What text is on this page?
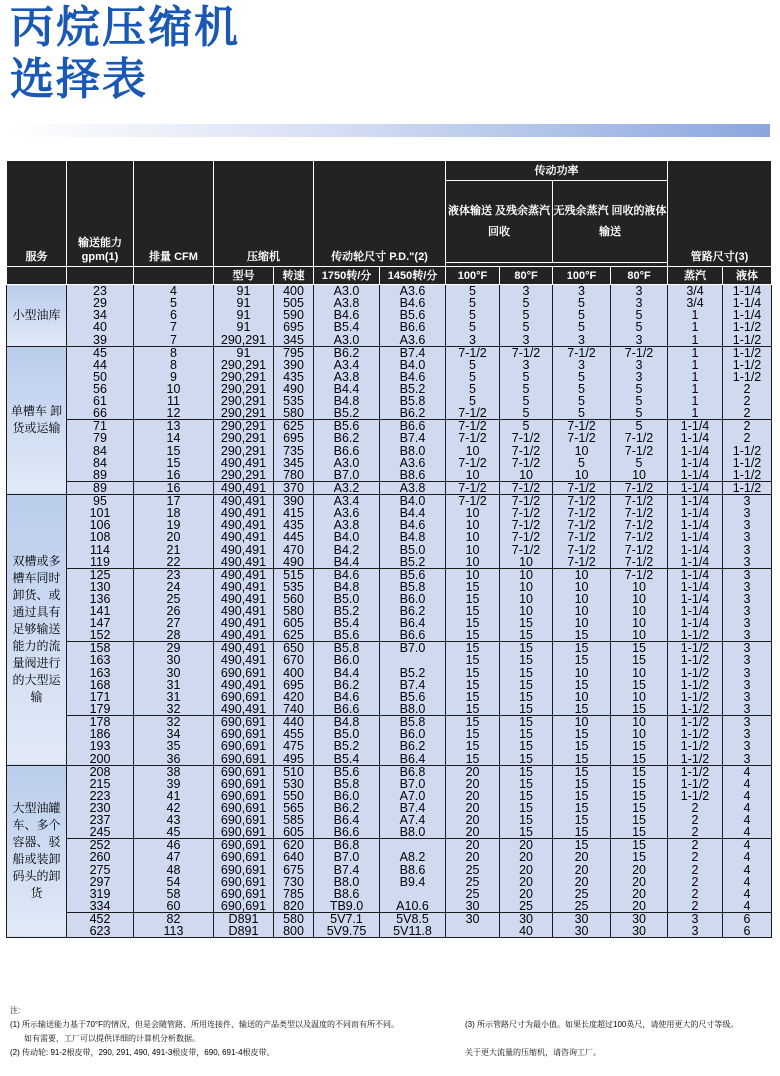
丙烷压缩机
选择表
服务	输送能力 gpm(1)	排量 CFM	压缩机		传动轮尺寸 P.D."(2)		传动功率				管路尺寸(3)	
							液体输送 及残余蒸汽 回收		无残余蒸汽 回收的液体 输送			

			型号	转速	1750转/分	1450转/分	100°F	80°F	100°F	80°F	蒸汽	液体
小型油库	23	4	91	400	A3.0	A3.6	5	3	3	3	3/4	1-1/4
	29	5	91	505	A3.8	B4.6	5	5	5	3	3/4	1-1/4
	34	6	91	590	B4.6	B5.6	5	5	5	5	1	1-1/4
	40	7	91	695	B5.4	B6.6	5	5	5	5	1	1-1/2
	39	7	290,291	345	A3.0	A3.6	3	3	3	3	1	1-1/2
单槽车 卸货或运输	45	8	91	795	B6.2	B7.4	7-1/2	7-1/2	7-1/2	7-1/2	1	1-1/2
	44	8	290,291	390	A3.4	B4.0	5	3	3	3	1	1-1/2
	50	9	290,291	435	A3.8	B4.6	5	5	5	3	1	1-1/2
	56	10	290,291	490	B4.4	B5.2	5	5	5	5	1	2
	61	11	290,291	535	B4.8	B5.8	5	5	5	5	1	2
	66	12	290,291	580	B5.2	B6.2	7-1/2	5	5	5	1	2
	71	13	290,291	625	B5.6	B6.6	7-1/2	5	7-1/2	5	1-1/4	2
	79	14	290,291	695	B6.2	B7.4	7-1/2	7-1/2	7-1/2	7-1/2	1-1/4	2
	84	15	290,291	735	B6.6	B8.0	10	7-1/2	10	7-1/2	1-1/4	1-1/2
	84	15	490,491	345	A3.0	A3.6	7-1/2	7-1/2	5	5	1-1/4	1-1/2
	89	16	290,291	780	B7.0	B8.6	10	10	10	10	1-1/4	1-1/2
	89	16	490,491	370	A3.2	A3.8	7-1/2	7-1/2	7-1/2	7-1/2	1-1/4	1-1/2
双槽或多槽车同时卸货、或通过具有足够输送能力的流量阀进行的大型运输	95	17	490,491	390	A3.4	B4.0	7-1/2	7-1/2	7-1/2	7-1/2	1-1/4	3
	101	18	490,491	415	A3.6	B4.4	10	7-1/2	7-1/2	7-1/2	1-1/4	3
	106	19	490,491	435	A3.8	B4.6	10	7-1/2	7-1/2	7-1/2	1-1/4	3
	108	20	490,491	445	B4.0	B4.8	10	7-1/2	7-1/2	7-1/2	1-1/4	3
	114	21	490,491	470	B4.2	B5.0	10	7-1/2	7-1/2	7-1/2	1-1/4	3
	119	22	490,491	490	B4.4	B5.2	10	10	7-1/2	7-1/2	1-1/4	3
	125	23	490,491	515	B4.6	B5.6	10	10	10	7-1/2	1-1/4	3
	130	24	490,491	535	B4.8	B5.8	15	10	10	10	1-1/4	3
	136	25	490,491	560	B5.0	B6.0	15	10	10	10	1-1/4	3
	141	26	490,491	580	B5.2	B6.2	15	10	10	10	1-1/4	3
	147	27	490,491	605	B5.4	B6.4	15	15	10	10	1-1/4	3
	152	28	490,491	625	B5.6	B6.6	15	15	15	10	1-1/2	3
	158	29	490,491	650	B5.8	B7.0	15	15	15	15	1-1/2	3
	163	30	490,491	670	B6.0		15	15	15	15	1-1/2	3
	163	30	690,691	400	B4.4	B5.2	15	15	10	10	1-1/2	3
	168	31	490,491	695	B6.2	B7.4	15	15	15	15	1-1/2	3
	171	31	690,691	420	B4.6	B5.6	15	15	10	10	1-1/2	3
	179	32	490,491	740	B6.6	B8.0	15	15	15	15	1-1/2	3
	178	32	690,691	440	B4.8	B5.8	15	15	10	10	1-1/2	3
	186	34	690,691	455	B5.0	B6.0	15	15	15	10	1-1/2	3
	193	35	690,691	475	B5.2	B6.2	15	15	15	15	1-1/2	3
	200	36	690,691	495	B5.4	B6.4	15	15	15	15	1-1/2	3
大型油罐车、多个容器、驳船或装卸码头的卸货	208	38	690,691	510	B5.6	B6.8	20	15	15	15	1-1/2	4
	215	39	690,691	530	B5.8	B7.0	20	15	15	15	1-1/2	4
	223	41	690,691	550	B6.0	A7.0	20	15	15	15	1-1/2	4
	230	42	690,691	565	B6.2	B7.4	20	15	15	15	2	4
	237	43	690,691	585	B6.4	A7.4	20	15	15	15	2	4
	245	45	690,691	605	B6.6	B8.0	20	15	15	15	2	4
	252	46	690,691	620	B6.8		20	20	15	15	2	4
	260	47	690,691	640	B7.0	A8.2	20	20	20	15	2	4
	275	48	690,691	675	B7.4	B8.6	25	20	20	20	2	4
	297	54	690,691	730	B8.0	B9.4	25	20	20	20	2	4
	319	58	690,691	785	B8.6		25	20	25	20	2	4
	334	60	690,691	820	TB9.0	A10.6	30	25	25	20	2	4
	452	82	D891	580	5V7.1	5V8.5	30	30	30	30	3	6
	623	113	D891	800	5V9.75	5V11.8		40	30	30	3	6
注:
(1) 所示输送能力基于70°F的情况，但是会随管路、所用连接件、输送的产品类型以及温度的不同而有所不同。	(3) 所示管路尺寸为最小值。如果长度超过100英尺，请使用更大的尺寸等级。
如有需要，工厂可以提供详细的计算机分析数据。
(2) 传动轮: 91-2根皮带，290, 291, 490, 491-3根皮带，690, 691-4根皮带。	关于更大流量的压缩机，请咨询工厂。
